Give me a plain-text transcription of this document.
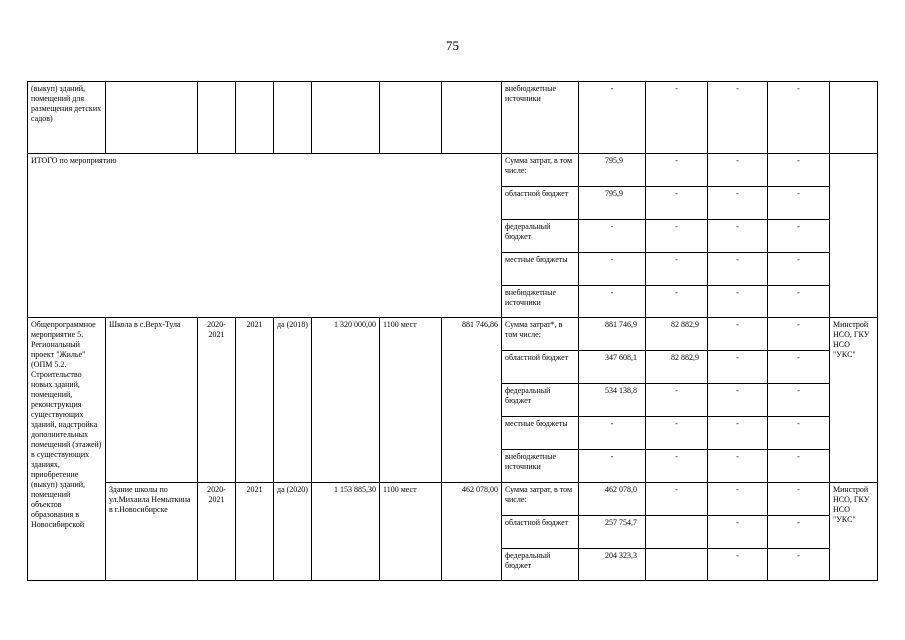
75
(выкуп) зданий, помещений для размещения детских садов)								внебюджетные источники	-	-	-	-	
ИТОГО по мероприятию								Сумма затрат, в том числе:	795,9	-	-	-	
								областной бюджет	795,9	-	-	-	
								федеральный бюджет	-	-	-	-	
								местные бюджеты	-	-	-	-	
								внебюджетные источники	-	-	-	-	
Общепрограммное мероприятие 5. Региональный проект "Жилье" (ОПМ 5.2. Строительство новых зданий, помещений, реконструкция существующих зданий, надстройка дополнительных помещений (этажей) в существующих зданиях, приобретение (выкуп) зданий, помещений объектов образования в Новосибирской	Школа в с.Верх-Тула	2020-2021	2021	да (2018)	1 320 000,00	1100 мест	881 746,86	Сумма затрат*, в том числе:	881 746,9	82 882,9	-	-	Минстрой НСО, ГКУ НСО "УКС"
								областной бюджет	347 608,1	82 882,9	-	-	
								федеральный бюджет	534 138,8	-	-	-	
								местные бюджеты	-	-	-	-	
								внебюджетные источники	-	-	-	-	
	Здание школы по ул.Михаила Немыткина в г.Новосибирске	2020-2021	2021	да (2020)	1 153 885,30	1100 мест	462 078,00	Сумма затрат, в том числе:	462 078,0	-	-	-	Минстрой НСО, ГКУ НСО "УКС"
								областной бюджет	257 754,7		-	-	
								федеральный бюджет	204 323,3		-	-	
